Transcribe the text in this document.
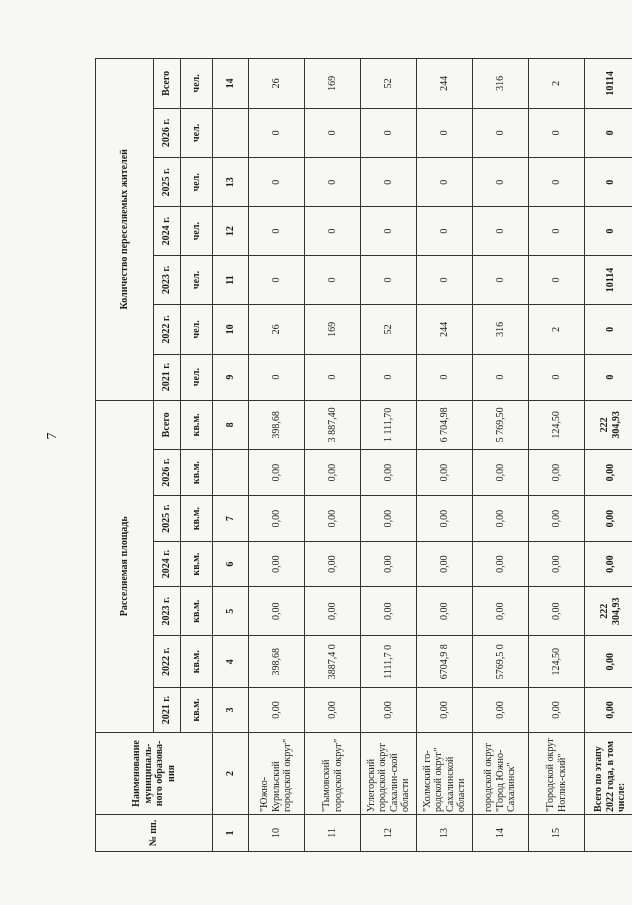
7
№ пп.	Наименование муниципаль- ного образова- ния	Расселяемая площадь							Количество переселяемых жителей						
		2021 г.	2022 г.	2023 г.	2024 г.	2025 г.	2026 г.	Всего	2021 г.	2022 г.	2023 г.	2024 г.	2025 г.	2026 г.	Всего
		кв.м.	кв.м.	кв.м.	кв.м.	кв.м.	кв.м.	кв.м.	чел.	чел.	чел.	чел.	чел.	чел.	чел.
1	2	3	4	5	6	7		8	9	10	11	12	13		14
10	"Южно-Курильский городской округ"	0,00	398,68	0,00	0,00	0,00	0,00	398,68	0	26	0	0	0	0	26
11	"Тымовский городской округ"	0,00	3887,4 0	0,00	0,00	0,00	0,00	3 887,40	0	169	0	0	0	0	169
12	Углегорский городской округ Сахалин-ской области	0,00	1111,7 0	0,00	0,00	0,00	0,00	1 111,70	0	52	0	0	0	0	52
13	"Холмский го-родской округ" Сахалинской области	0,00	6704,9 8	0,00	0,00	0,00	0,00	6 704,98	0	244	0	0	0	0	244
14	городской округ "Город Южно-Сахалинск"	0,00	5769,5 0	0,00	0,00	0,00	0,00	5 769,50	0	316	0	0	0	0	316
15	"Городской округ Ноглик-ский"	0,00	124,50	0,00	0,00	0,00	0,00	124,50	0	2	0	0	0	0	2
	Всего по этапу 2022 года, в том числе:	0,00	0,00	222 304,93	0,00	0,00	0,00	222 304,93	0	0	10114	0	0	0	10114
